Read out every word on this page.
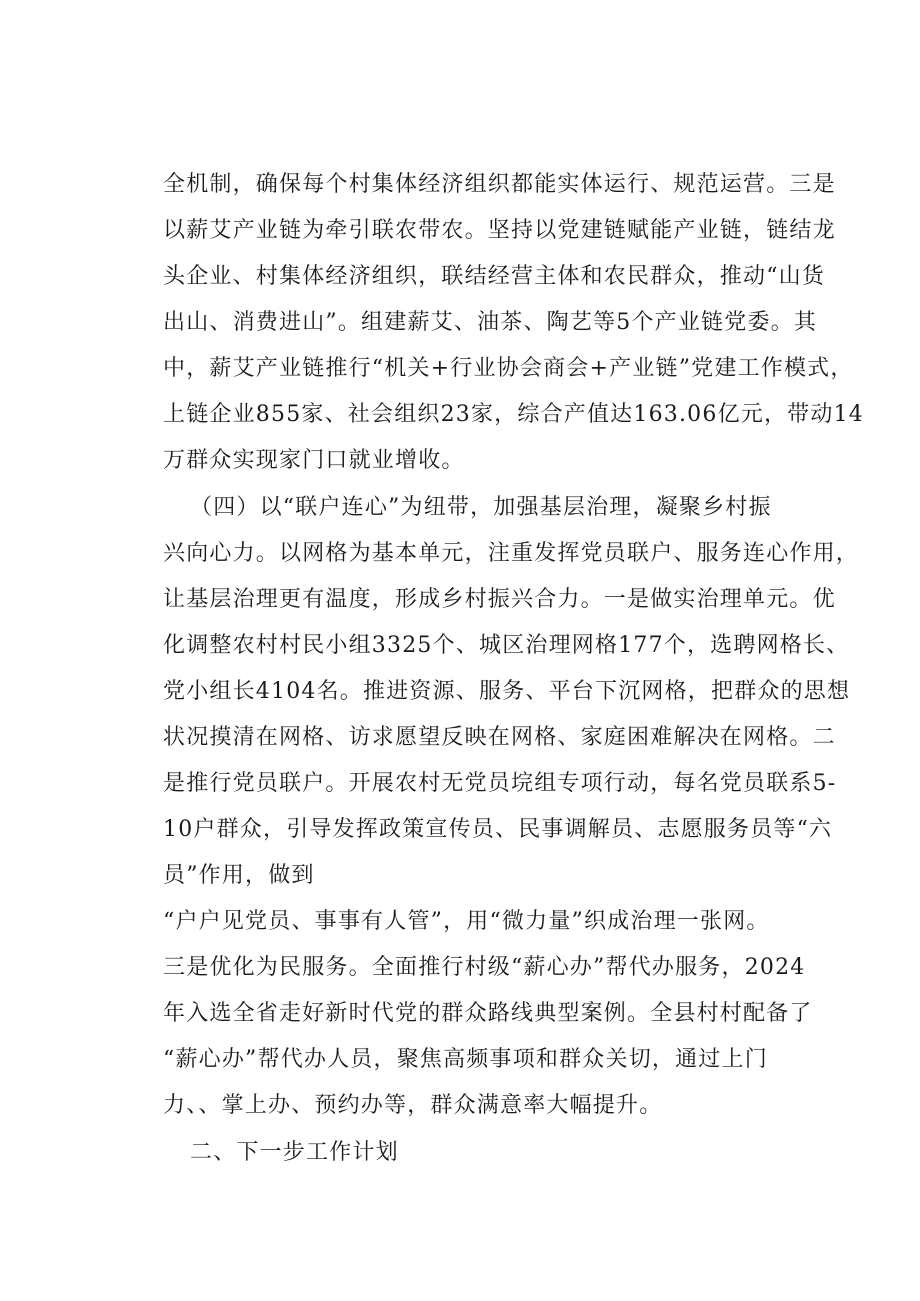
全机制，确保每个村集体经济组织都能实体运行、规范运营。三是
以薪艾产业链为牵引联农带农。坚持以党建链赋能产业链，链结龙
头企业、村集体经济组织，联结经营主体和农民群众，推动“山货
出山、消费进山”。组建薪艾、油茶、陶艺等5个产业链党委。其
中，薪艾产业链推行“机关+行业协会商会+产业链”党建工作模式，
上链企业855家、社会组织23家，综合产值达163.06亿元，带动14
万群众实现家门口就业增收。
（四）以“联户连心”为纽带，加强基层治理，凝聚乡村振
兴向心力。以网格为基本单元，注重发挥党员联户、服务连心作用，
让基层治理更有温度，形成乡村振兴合力。一是做实治理单元。优
化调整农村村民小组3325个、城区治理网格177个，选聘网格长、
党小组长4104名。推进资源、服务、平台下沉网格，把群众的思想
状况摸清在网格、访求愿望反映在网格、家庭困难解决在网格。二
是推行党员联户。开展农村无党员垸组专项行动，每名党员联系5-
10户群众，引导发挥政策宣传员、民事调解员、志愿服务员等“六
员”作用，做到
“户户见党员、事事有人管”，用“微力量”织成治理一张网。
三是优化为民服务。全面推行村级“薪心办”帮代办服务，2024
年入选全省走好新时代党的群众路线典型案例。全县村村配备了
“薪心办”帮代办人员，聚焦高频事项和群众关切，通过上门
力、、掌上办、预约办等，群众满意率大幅提升。
二、下一步工作计划
